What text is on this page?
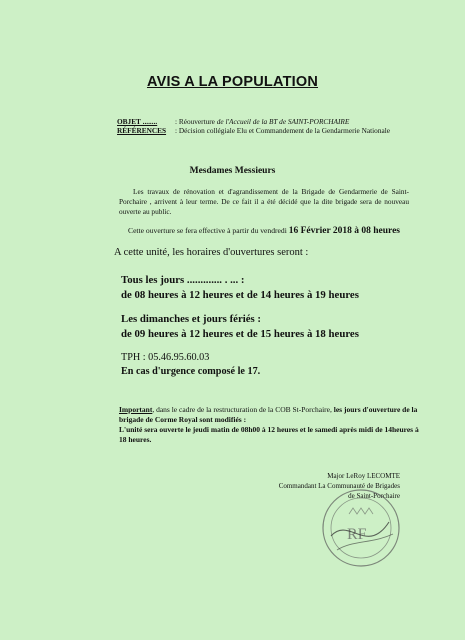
AVIS A LA POPULATION
OBJET ........ : Réouverture de l'Accueil de la BT de SAINT-PORCHAIRE
RÉFÉRENCES : Décision collégiale Elu et Commandement de la Gendarmerie Nationale
Mesdames Messieurs
Les travaux de rénovation et d'agrandissement de la Brigade de Gendarmerie de Saint-Porchaire , arrivent à leur terme. De ce fait il a été décidé que la dite brigade sera de nouveau ouverte au public.
Cette ouverture se fera effective à partir du vendredi 16 Février 2018 à 08 heures
A cette unité, les horaires d'ouvertures seront :
Tous les jours ............. . ... :
de 08 heures à 12 heures et de 14 heures à 19 heures
Les dimanches et jours fériés :
de 09 heures à 12 heures et de 15 heures à 18 heures
TPH : 05.46.95.60.03
En cas d'urgence composé le 17.
Important, dans le cadre de la restructuration de la COB St-Porchaire, les jours d'ouverture de la brigade de Corme Royal sont modifiés :
L'unité sera ouverte le jeudi matin de 08h00 à 12 heures et le samedi après midi de 14heures à 18 heures.
Major LeRoy LECOMTE
Commandant La Communauté de Brigades
de Saint-Porchaire
RF
